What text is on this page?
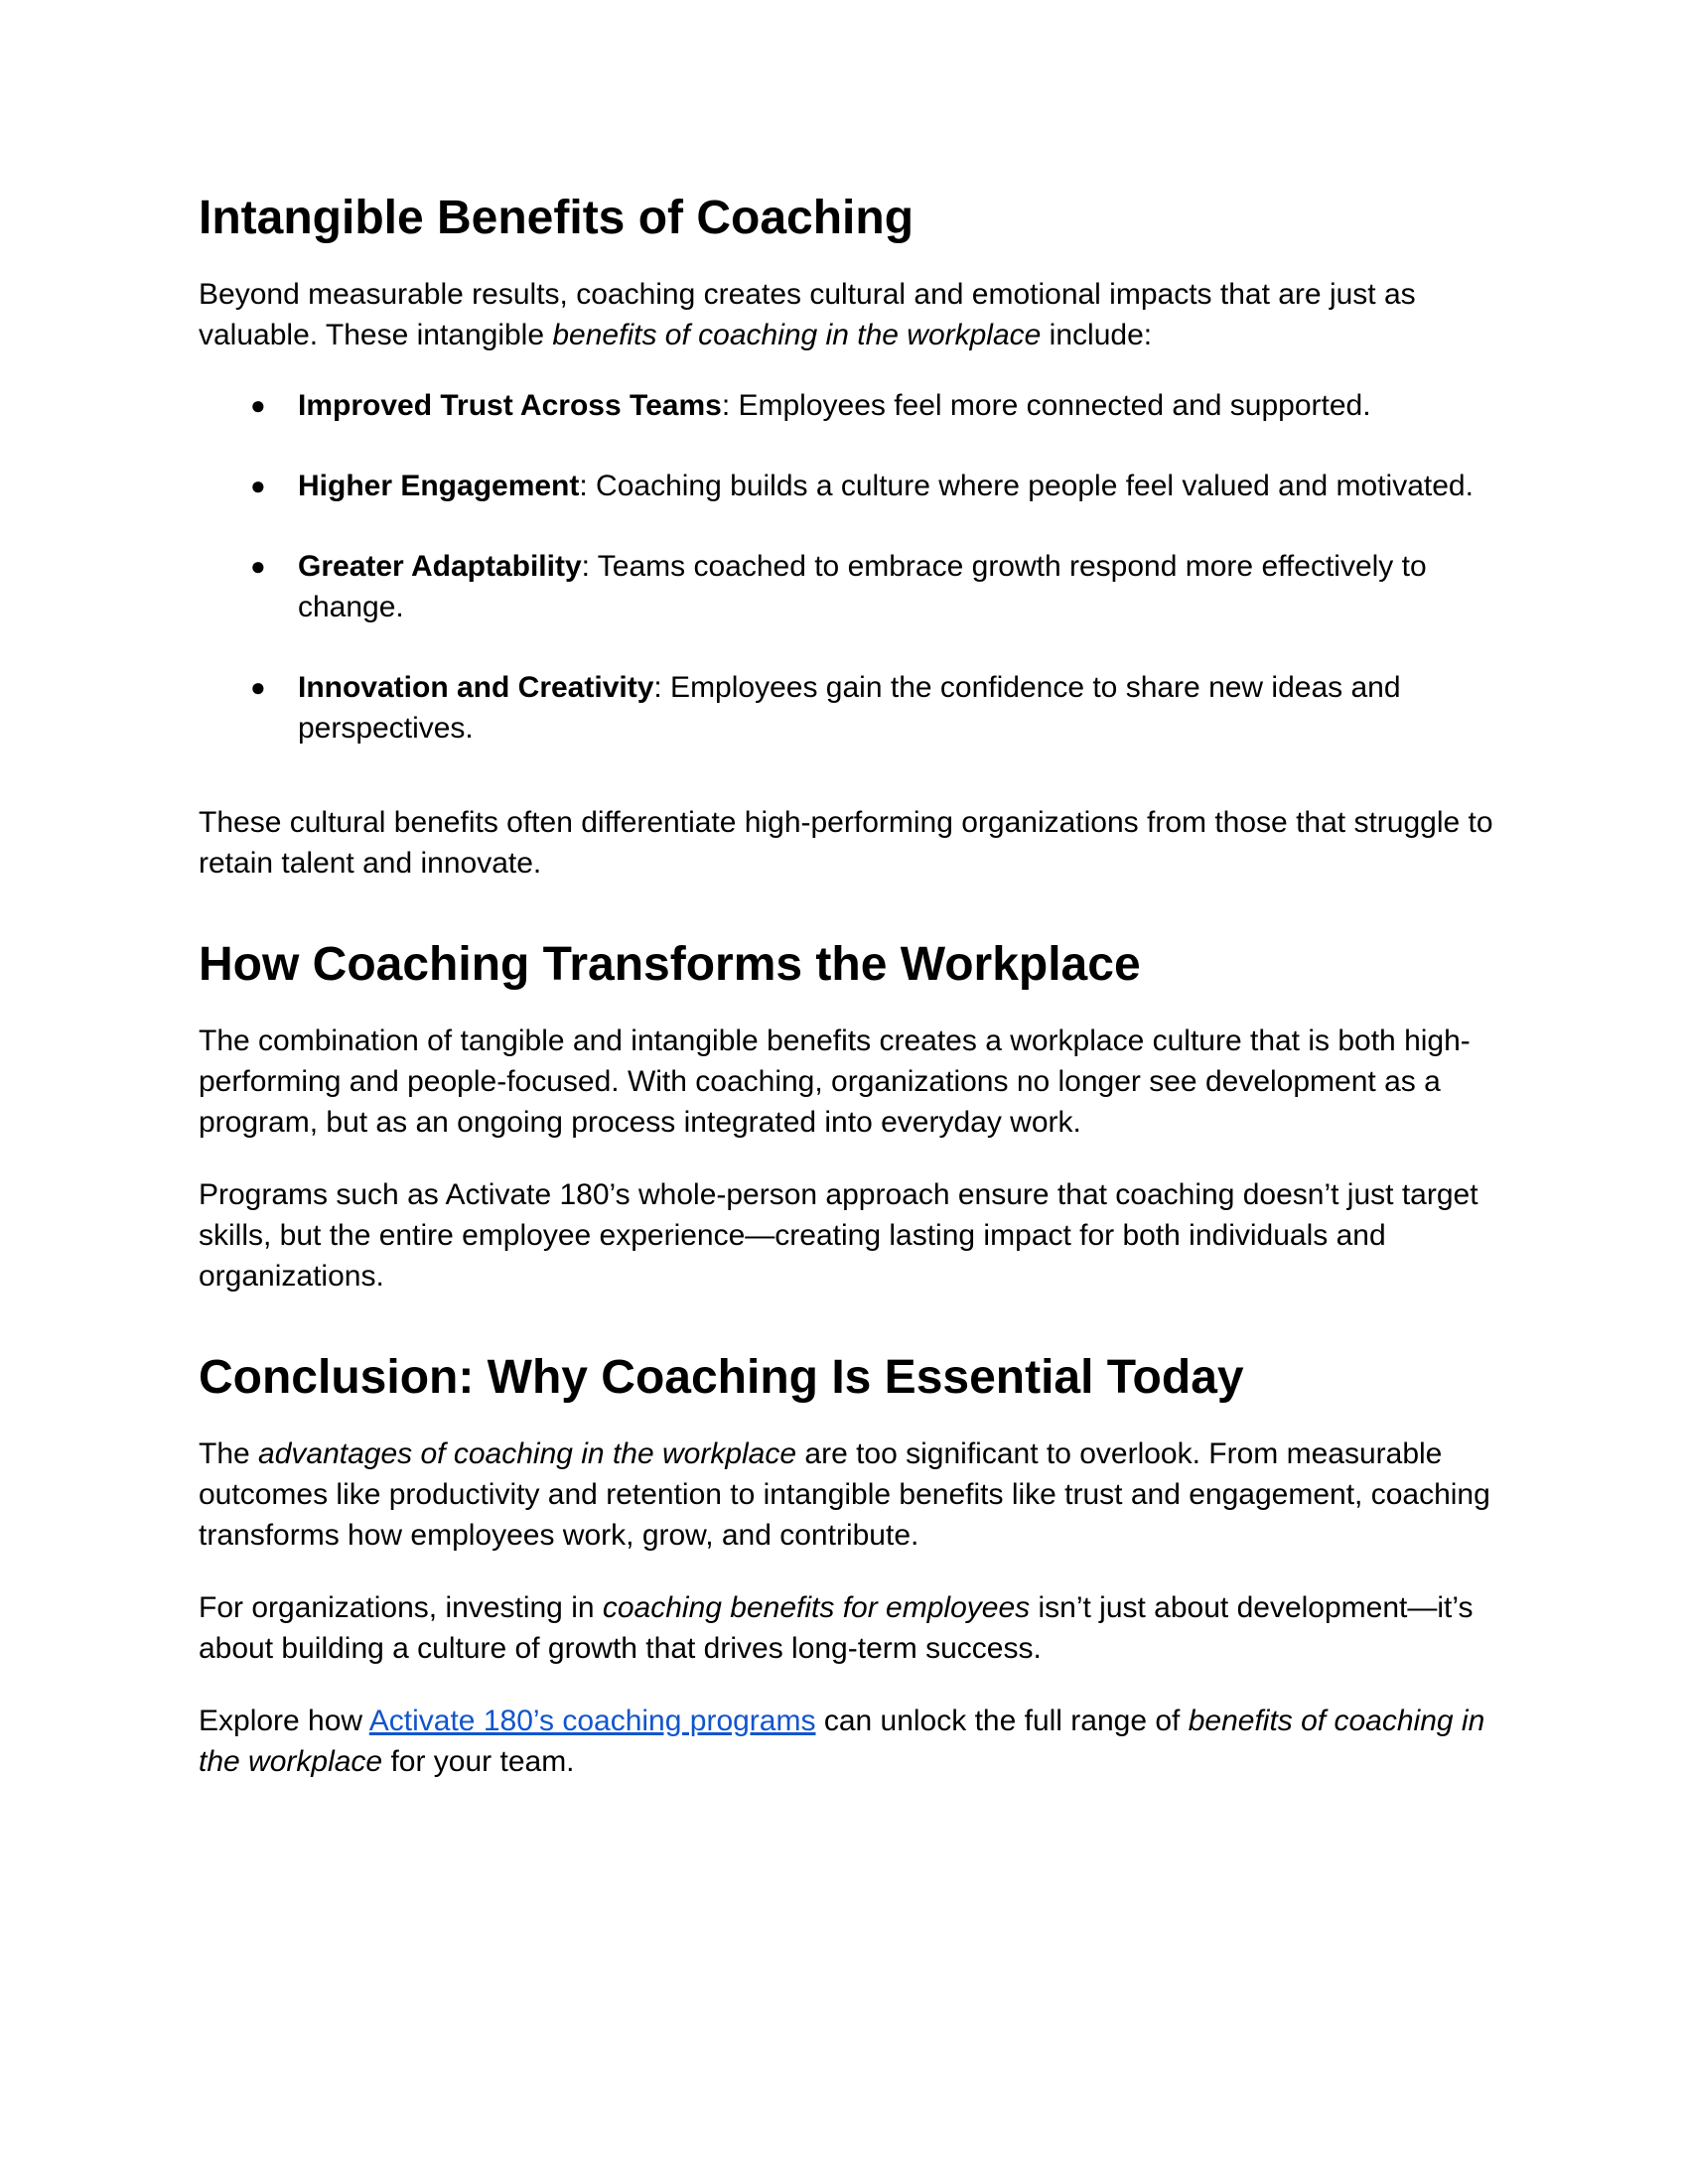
Intangible Benefits of Coaching

Beyond measurable results, coaching creates cultural and emotional impacts that are just as valuable. These intangible benefits of coaching in the workplace include:

● Improved Trust Across Teams: Employees feel more connected and supported.
● Higher Engagement: Coaching builds a culture where people feel valued and motivated.
● Greater Adaptability: Teams coached to embrace growth respond more effectively to change.
● Innovation and Creativity: Employees gain the confidence to share new ideas and perspectives.

These cultural benefits often differentiate high-performing organizations from those that struggle to retain talent and innovate.

How Coaching Transforms the Workplace

The combination of tangible and intangible benefits creates a workplace culture that is both high-performing and people-focused. With coaching, organizations no longer see development as a program, but as an ongoing process integrated into everyday work.

Programs such as Activate 180’s whole-person approach ensure that coaching doesn’t just target skills, but the entire employee experience—creating lasting impact for both individuals and organizations.

Conclusion: Why Coaching Is Essential Today

The advantages of coaching in the workplace are too significant to overlook. From measurable outcomes like productivity and retention to intangible benefits like trust and engagement, coaching transforms how employees work, grow, and contribute.

For organizations, investing in coaching benefits for employees isn’t just about development—it’s about building a culture of growth that drives long-term success.

Explore how Activate 180’s coaching programs can unlock the full range of benefits of coaching in the workplace for your team.
